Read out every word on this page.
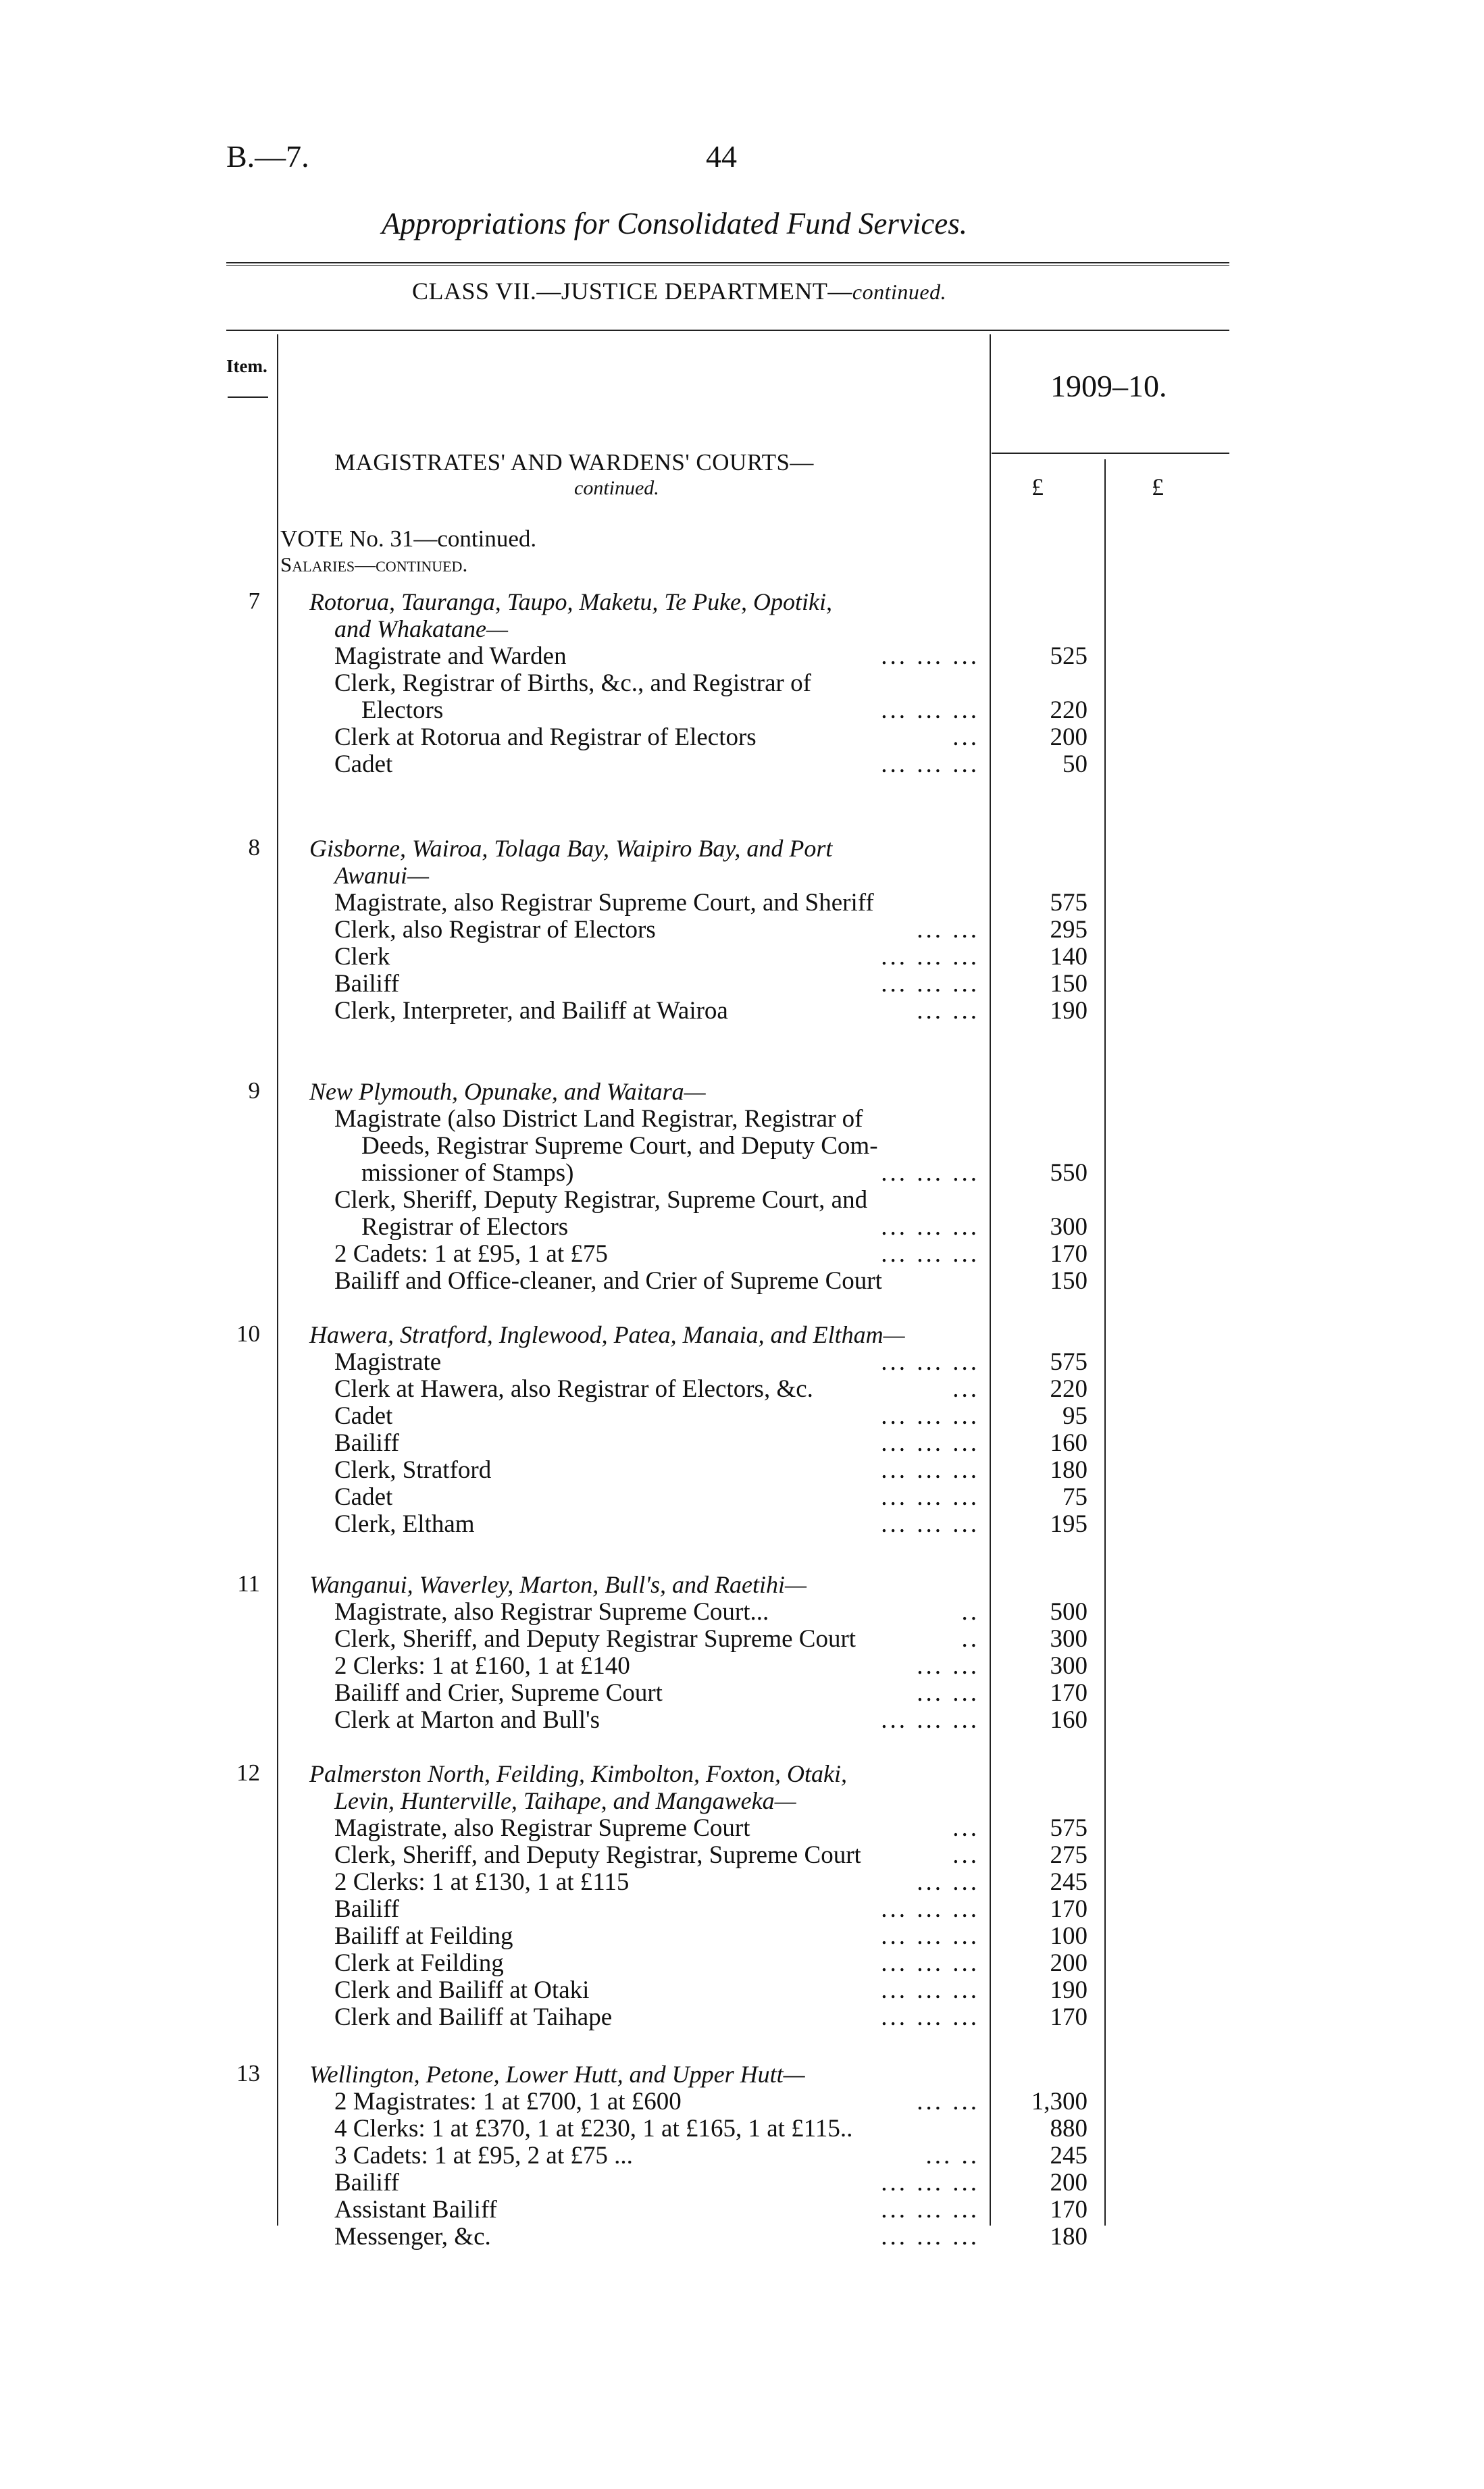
B.—7.	44
Appropriations for Consolidated Fund Services.
CLASS VII.—JUSTICE DEPARTMENT—continued.
Item.
1909–10.
£	£
MAGISTRATES' AND WARDENS' COURTS—
continued.
VOTE No. 31—continued.
Salaries—continued.
7 Rotorua, Tauranga, Taupo, Maketu, Te Puke, Opotiki,
and Whakatane—
Magistrate and Warden	... ... ...	525
Clerk, Registrar of Births, &c., and Registrar of
Electors	... ... ...	220
Clerk at Rotorua and Registrar of Electors	...	200
Cadet	... ... ...	50
8 Gisborne, Wairoa, Tolaga Bay, Waipiro Bay, and Port
Awanui—
Magistrate, also Registrar Supreme Court, and Sheriff	575
Clerk, also Registrar of Electors	... ...	295
Clerk	... ... ...	140
Bailiff	... ... ...	150
Clerk, Interpreter, and Bailiff at Wairoa	... ...	190
9 New Plymouth, Opunake, and Waitara—
Magistrate (also District Land Registrar, Registrar of
Deeds, Registrar Supreme Court, and Deputy Com-
missioner of Stamps)	... ... ...	550
Clerk, Sheriff, Deputy Registrar, Supreme Court, and
Registrar of Electors	... ... ...	300
2 Cadets: 1 at £95, 1 at £75	... ... ...	170
Bailiff and Office-cleaner, and Crier of Supreme Court	150
10 Hawera, Stratford, Inglewood, Patea, Manaia, and Eltham—
Magistrate	... ... ...	575
Clerk at Hawera, also Registrar of Electors, &c.	...	220
Cadet	... ... ...	95
Bailiff	... ... ...	160
Clerk, Stratford	... ... ...	180
Cadet	... ... ...	75
Clerk, Eltham	... ... ...	195
11 Wanganui, Waverley, Marton, Bull's, and Raetihi—
Magistrate, also Registrar Supreme Court...	..	500
Clerk, Sheriff, and Deputy Registrar Supreme Court	..	300
2 Clerks: 1 at £160, 1 at £140	... ...	300
Bailiff and Crier, Supreme Court	... ...	170
Clerk at Marton and Bull's	... ... ...	160
12 Palmerston North, Feilding, Kimbolton, Foxton, Otaki,
Levin, Hunterville, Taihape, and Mangaweka—
Magistrate, also Registrar Supreme Court	...	575
Clerk, Sheriff, and Deputy Registrar, Supreme Court	...	275
2 Clerks: 1 at £130, 1 at £115	... ...	245
Bailiff	... ... ...	170
Bailiff at Feilding	... ... ...	100
Clerk at Feilding	... ... ...	200
Clerk and Bailiff at Otaki	... ... ...	190
Clerk and Bailiff at Taihape	... ... ...	170
13 Wellington, Petone, Lower Hutt, and Upper Hutt—
2 Magistrates: 1 at £700, 1 at £600	... ...	1,300
4 Clerks: 1 at £370, 1 at £230, 1 at £165, 1 at £115..	880
3 Cadets: 1 at £95, 2 at £75 ...	... ..	245
Bailiff	... ... ...	200
Assistant Bailiff	... ... ...	170
Messenger, &c.	... ... ...	180
